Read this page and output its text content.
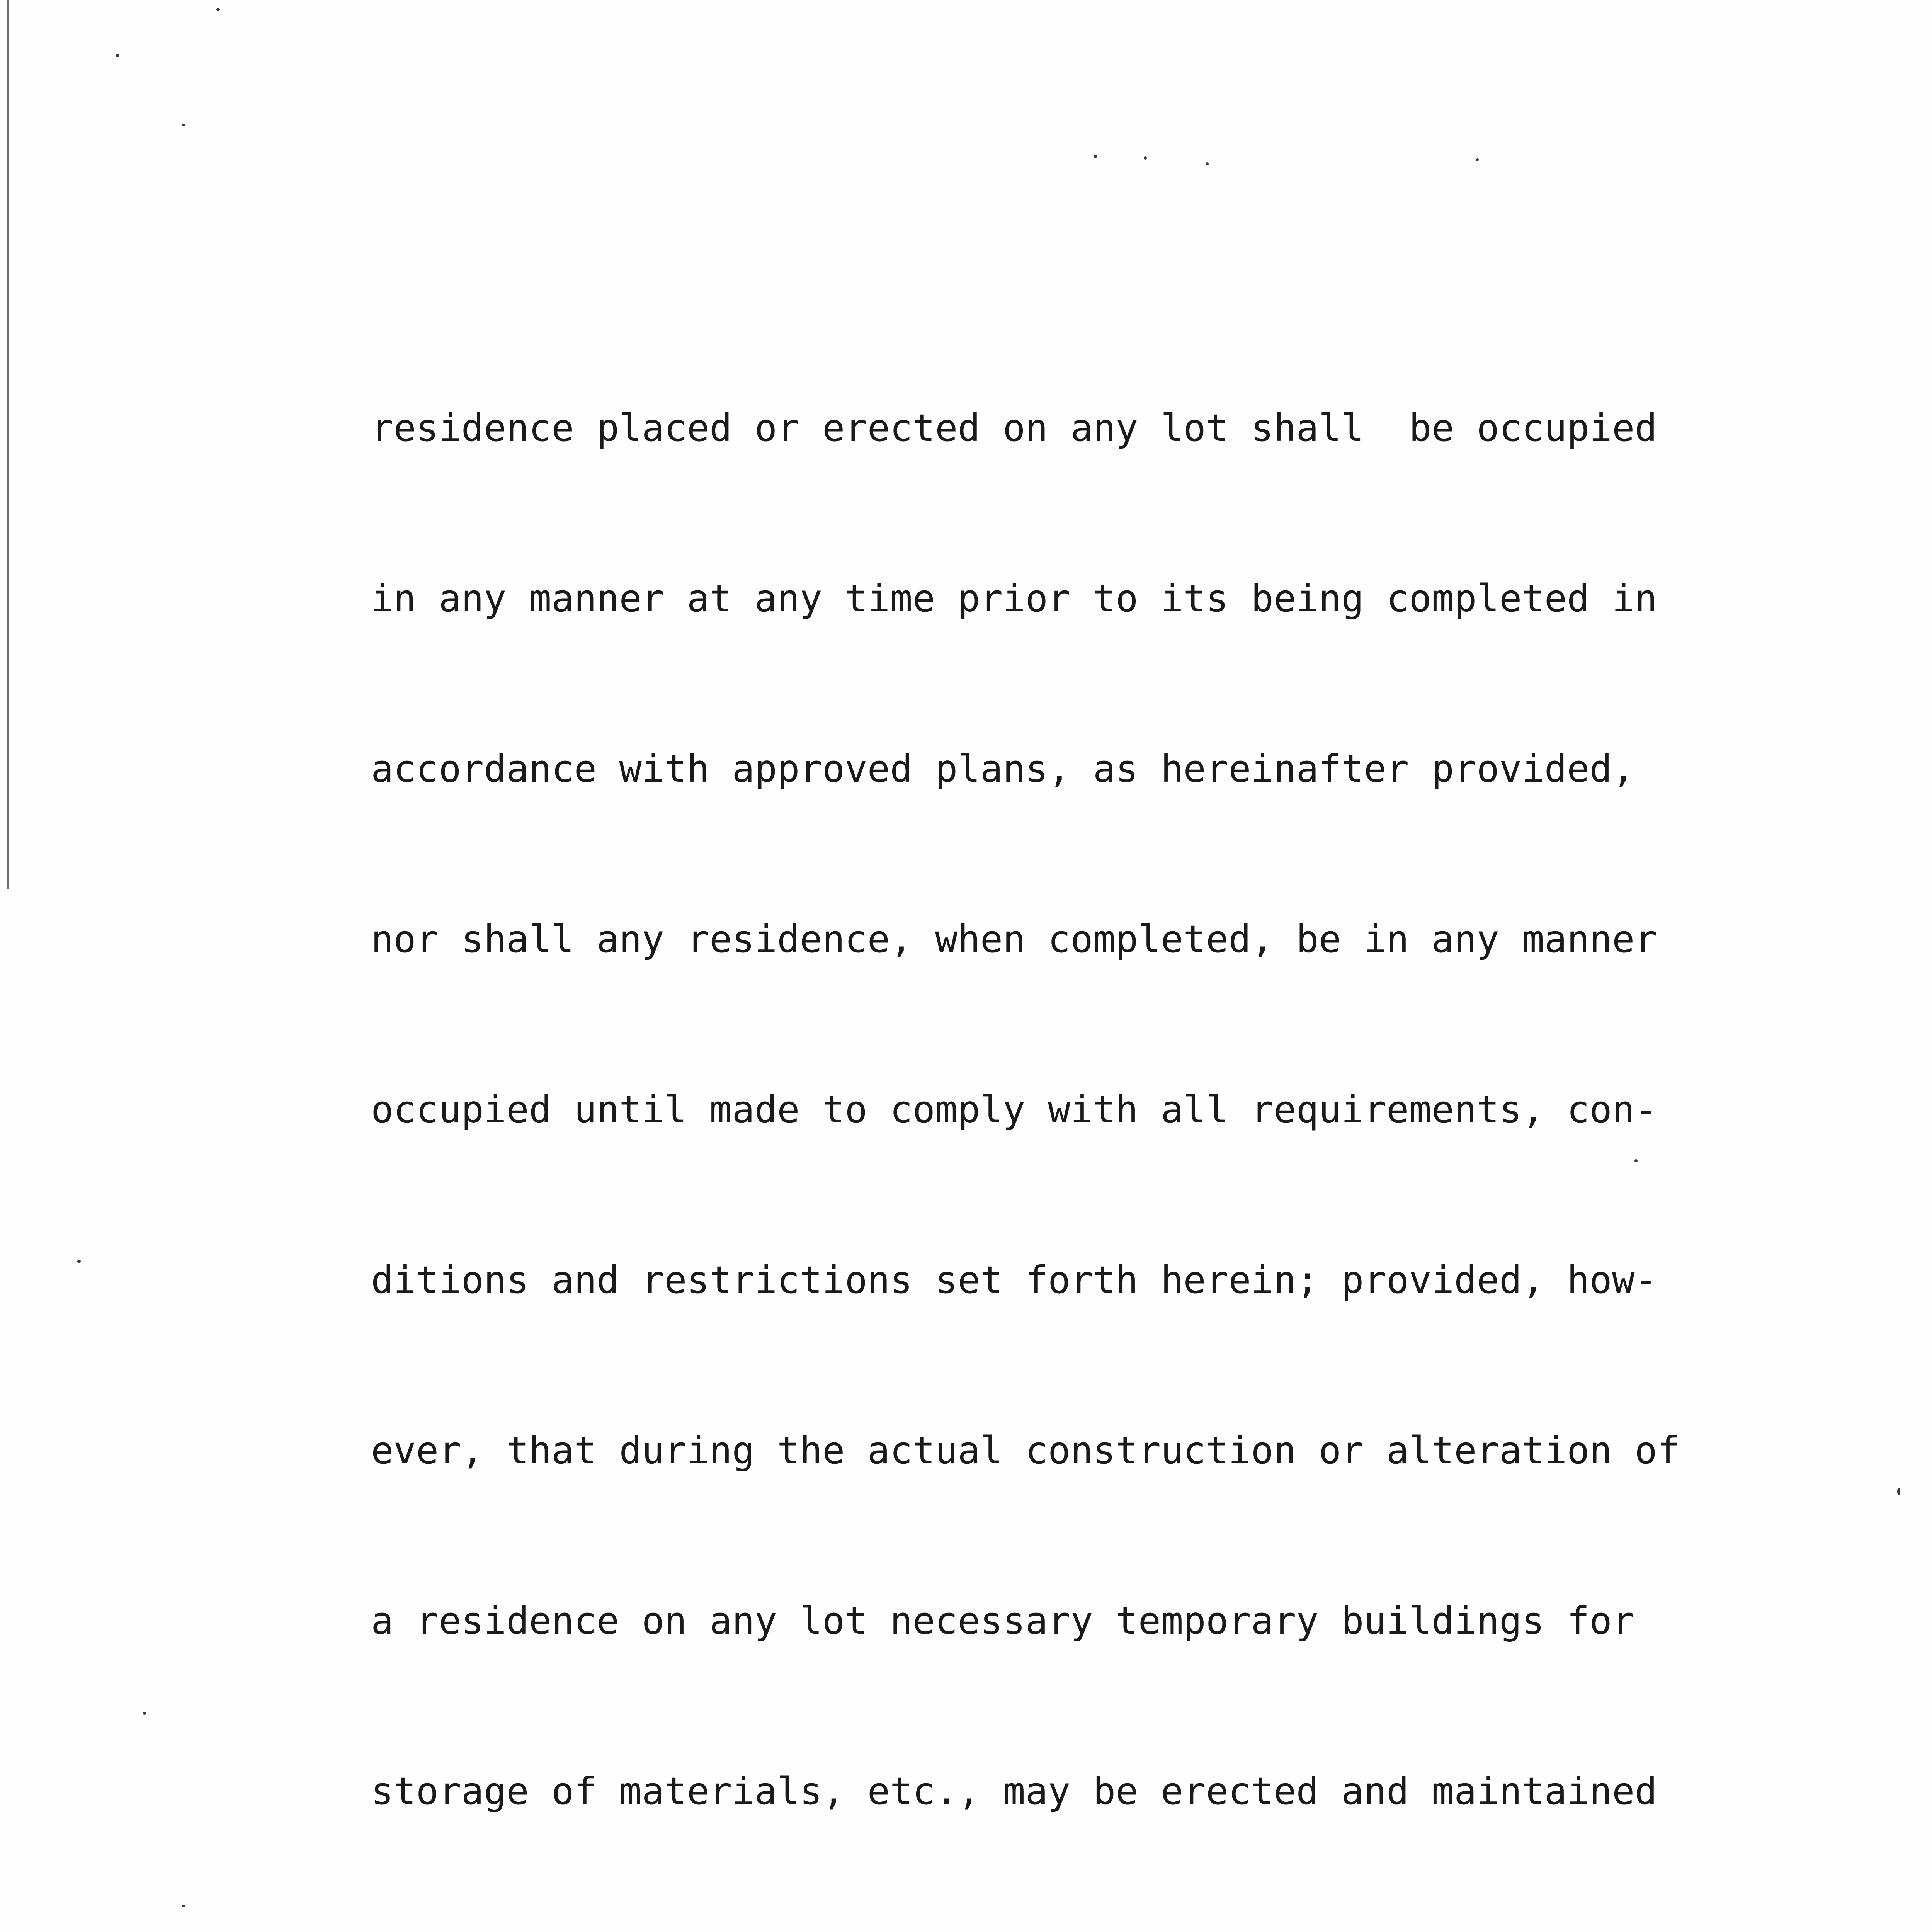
residence placed or erected on any lot shall  be occupied

in any manner at any time prior to its being completed in

accordance with approved plans, as hereinafter provided,

nor shall any residence, when completed, be in any manner

occupied until made to comply with all requirements, con-

ditions and restrictions set forth herein; provided, how-

ever, that during the actual construction or alteration of

a residence on any lot necessary temporary buildings for

storage of materials, etc., may be erected and maintained
